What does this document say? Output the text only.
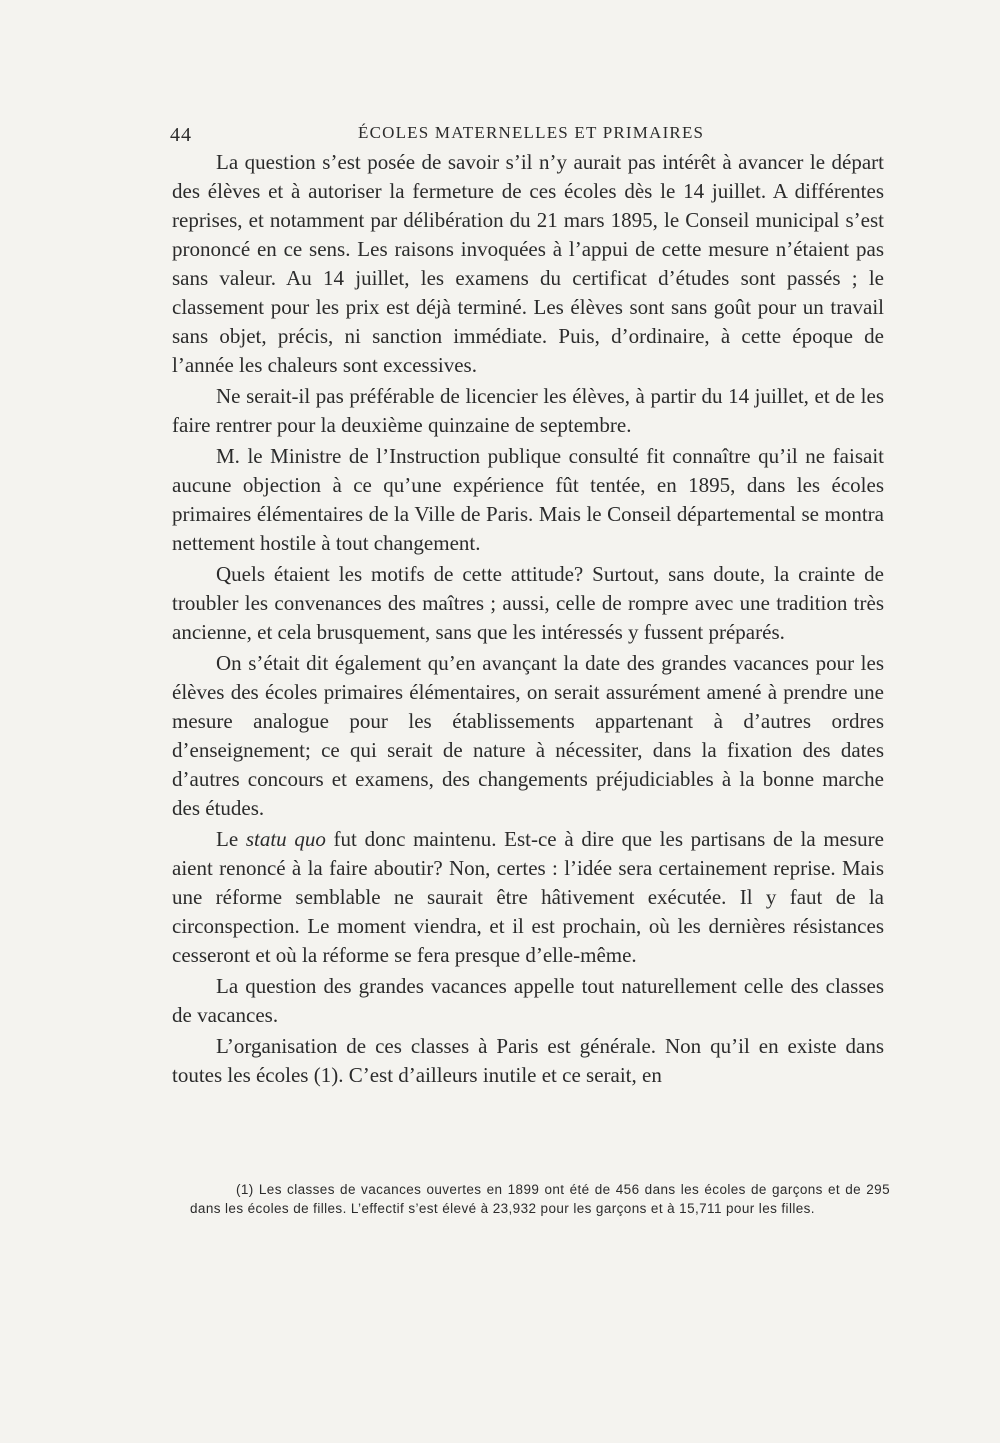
44	ÉCOLES MATERNELLES ET PRIMAIRES

La question s’est posée de savoir s’il n’y aurait pas intérêt à avancer le départ des élèves et à autoriser la fermeture de ces écoles dès le 14 juillet. A différentes reprises, et notamment par délibération du 21 mars 1895, le Conseil municipal s’est prononcé en ce sens. Les raisons invoquées à l’appui de cette mesure n’étaient pas sans valeur. Au 14 juillet, les examens du certificat d’études sont passés ; le classement pour les prix est déjà terminé. Les élèves sont sans goût pour un travail sans objet, précis, ni sanction immédiate. Puis, d’ordinaire, à cette époque de l’année les chaleurs sont excessives.

Ne serait-il pas préférable de licencier les élèves, à partir du 14 juillet, et de les faire rentrer pour la deuxième quinzaine de septembre.

M. le Ministre de l’Instruction publique consulté fit connaître qu’il ne faisait aucune objection à ce qu’une expérience fût tentée, en 1895, dans les écoles primaires élémentaires de la Ville de Paris. Mais le Conseil départemental se montra nettement hostile à tout changement.

Quels étaient les motifs de cette attitude? Surtout, sans doute, la crainte de troubler les convenances des maîtres ; aussi, celle de rompre avec une tradition très ancienne, et cela brusquement, sans que les intéressés y fussent préparés.

On s’était dit également qu’en avançant la date des grandes vacances pour les élèves des écoles primaires élémentaires, on serait assurément amené à prendre une mesure analogue pour les établissements appartenant à d’autres ordres d’enseignement; ce qui serait de nature à nécessiter, dans la fixation des dates d’autres concours et examens, des changements préjudiciables à la bonne marche des études.

Le statu quo fut donc maintenu. Est-ce à dire que les partisans de la mesure aient renoncé à la faire aboutir? Non, certes : l’idée sera certainement reprise. Mais une réforme semblable ne saurait être hâtivement exécutée. Il y faut de la circonspection. Le moment viendra, et il est prochain, où les dernières résistances cesseront et où la réforme se fera presque d’elle-même.

La question des grandes vacances appelle tout naturellement celle des classes de vacances.

L’organisation de ces classes à Paris est générale. Non qu’il en existe dans toutes les écoles (1). C’est d’ailleurs inutile et ce serait, en

(1) Les classes de vacances ouvertes en 1899 ont été de 456 dans les écoles de garçons et de 295 dans les écoles de filles. L’effectif s’est élevé à 23,932 pour les garçons et à 15,711 pour les filles.
